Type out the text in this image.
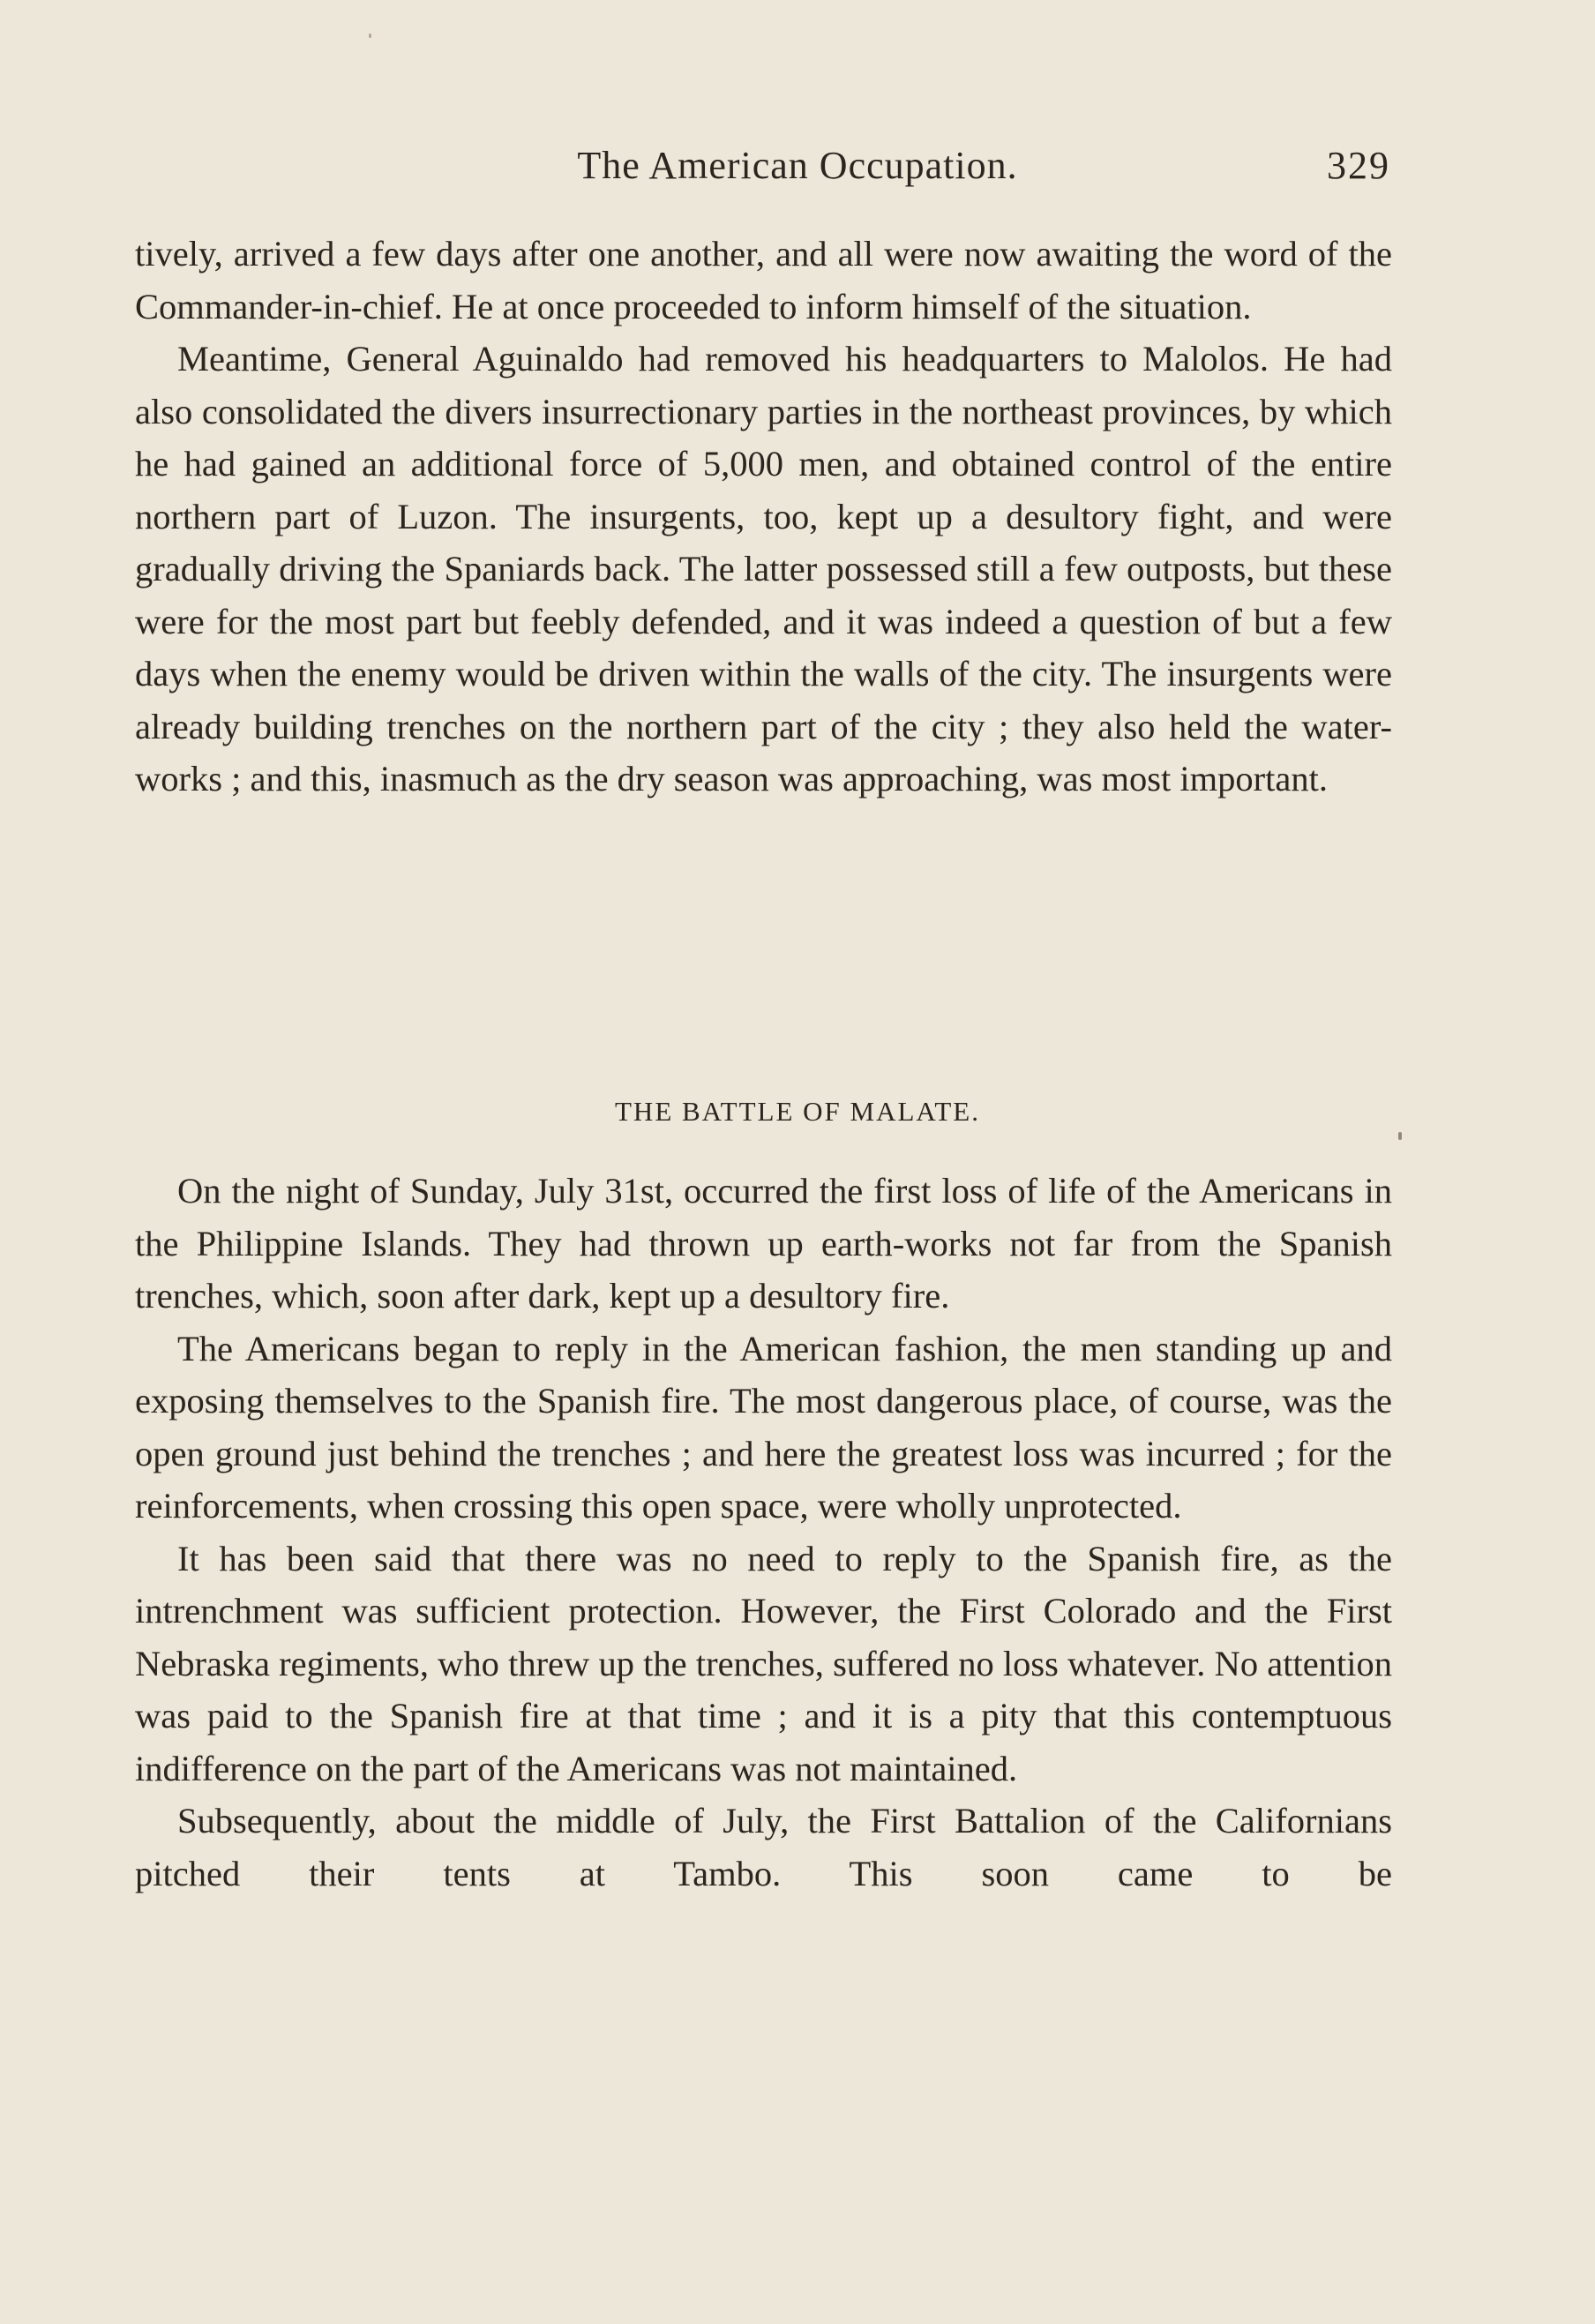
The American Occupation.	329

tively, arrived a few days after one another, and all were now awaiting the word of the Commander-in-chief. He at once proceeded to inform himself of the situation.

Meantime, General Aguinaldo had removed his headquarters to Malolos. He had also consolidated the divers insurrectionary parties in the northeast provinces, by which he had gained an additional force of 5,000 men, and obtained control of the entire northern part of Luzon. The insurgents, too, kept up a desultory fight, and were gradually driving the Spaniards back. The latter possessed still a few outposts, but these were for the most part but feebly defended, and it was indeed a question of but a few days when the enemy would be driven within the walls of the city. The insurgents were already building trenches on the northern part of the city ; they also held the water-works ; and this, inasmuch as the dry season was approaching, was most important.

THE BATTLE OF MALATE.

On the night of Sunday, July 31st, occurred the first loss of life of the Americans in the Philippine Islands. They had thrown up earth-works not far from the Spanish trenches, which, soon after dark, kept up a desultory fire.

The Americans began to reply in the American fashion, the men standing up and exposing themselves to the Spanish fire. The most dangerous place, of course, was the open ground just behind the trenches ; and here the greatest loss was incurred ; for the reinforcements, when crossing this open space, were wholly unprotected.

It has been said that there was no need to reply to the Spanish fire, as the intrenchment was sufficient protection. However, the First Colorado and the First Nebraska regiments, who threw up the trenches, suffered no loss whatever. No attention was paid to the Spanish fire at that time ; and it is a pity that this contemptuous indifference on the part of the Americans was not maintained.

Subsequently, about the middle of July, the First Battalion of the Californians pitched their tents at Tambo. This soon came to be
